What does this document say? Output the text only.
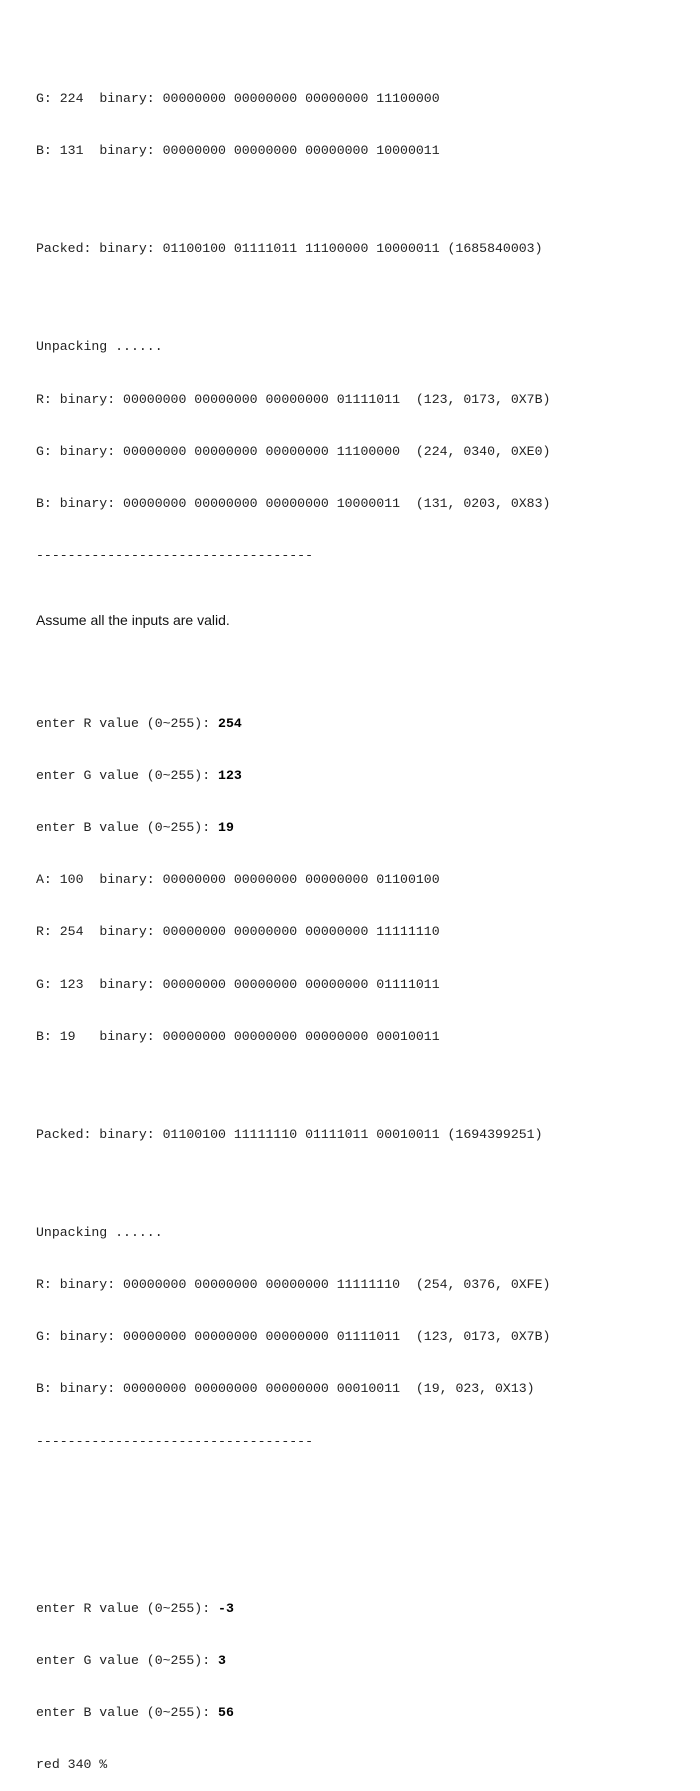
G: 224 binary: 00000000 00000000 00000000 11100000

B: 131 binary: 00000000 00000000 00000000 10000011

Packed: binary: 01100100 01111011 11100000 10000011 (1685840003)

Unpacking ......

R: binary: 00000000 00000000 00000000 01111011 (123, 0173, 0X7B)

G: binary: 00000000 00000000 00000000 11100000 (224, 0340, 0XE0)

B: binary: 00000000 00000000 00000000 10000011 (131, 0203, 0X83)

-----------------------------------

enter R value (0~255): 254

enter G value (0~255): 123

enter B value (0~255): 19

A: 100 binary: 00000000 00000000 00000000 01100100

R: 254 binary: 00000000 00000000 00000000 11111110

G: 123 binary: 00000000 00000000 00000000 01111011

B: 19   binary: 00000000 00000000 00000000 00010011

Packed: binary: 01100100 11111110 01111011 00010011 (1694399251)

Unpacking ......

R: binary: 00000000 00000000 00000000 11111110 (254, 0376, 0XFE)

G: binary: 00000000 00000000 00000000 01111011 (123, 0173, 0X7B)

B: binary: 00000000 00000000 00000000 00010011 (19, 023, 0X13)

-----------------------------------

enter R value (0~255): -3

enter G value (0~255): 3

enter B value (0~255): 56

red 340 %

Assume all the inputs are valid.
